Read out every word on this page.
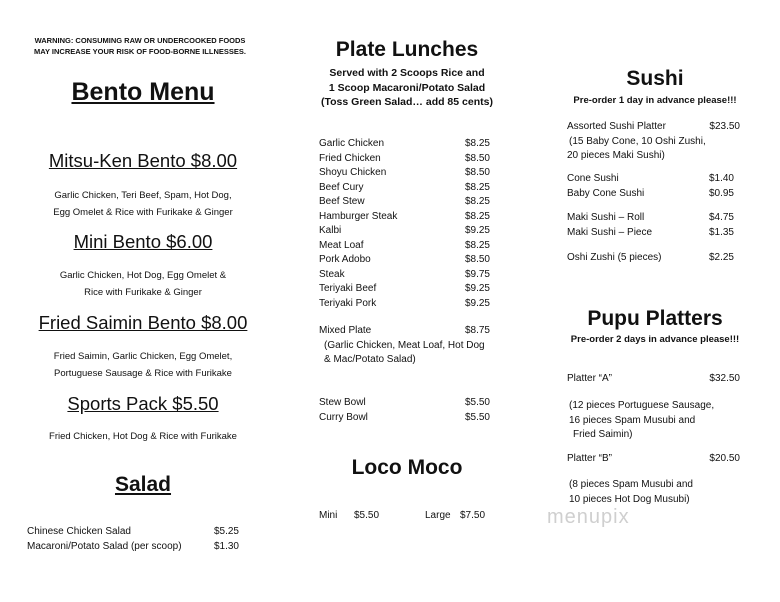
WARNING: CONSUMING RAW OR UNDERCOOKED FOODS
MAY INCREASE YOUR RISK OF FOOD-BORNE ILLNESSES.
Bento Menu
Mitsu-Ken Bento $8.00
Garlic Chicken, Teri Beef, Spam, Hot Dog,
Egg Omelet & Rice with Furikake & Ginger
Mini Bento $6.00
Garlic Chicken, Hot Dog, Egg Omelet &
Rice with Furikake & Ginger
Fried Saimin Bento $8.00
Fried Saimin, Garlic Chicken, Egg Omelet,
Portuguese Sausage & Rice with Furikake
Sports Pack $5.50
Fried Chicken, Hot Dog & Rice with Furikake
Salad
Chinese Chicken Salad	$5.25
Macaroni/Potato Salad (per scoop)	$1.30
Plate Lunches
Served with 2 Scoops Rice and
1 Scoop Macaroni/Potato Salad
(Toss Green Salad… add 85 cents)
Garlic Chicken	$8.25
Fried Chicken	$8.50
Shoyu Chicken	$8.50
Beef Cury	$8.25
Beef Stew	$8.25
Hamburger Steak	$8.25
Kalbi	$9.25
Meat Loaf	$8.25
Pork Adobo	$8.50
Steak	$9.75
Teriyaki Beef	$9.25
Teriyaki Pork	$9.25
Mixed Plate	$8.75
(Garlic Chicken, Meat Loaf, Hot Dog
& Mac/Potato Salad)
Stew Bowl	$5.50
Curry Bowl	$5.50
Loco Moco
Mini $5.50	Large $7.50
Sushi
Pre-order 1 day in advance please!!!
Assorted Sushi Platter	$23.50
(15 Baby Cone, 10 Oshi Zushi,
20 pieces Maki Sushi)
Cone Sushi	$1.40
Baby Cone Sushi	$0.95
Maki Sushi – Roll	$4.75
Maki Sushi – Piece	$1.35
Oshi Zushi (5 pieces)	$2.25
Pupu Platters
Pre-order 2 days in advance please!!!
Platter “A”	$32.50
(12 pieces Portuguese Sausage,
16 pieces Spam Musubi and
Fried Saimin)
Platter “B”	$20.50
(8 pieces Spam Musubi and
10 pieces Hot Dog Musubi)
menupix
